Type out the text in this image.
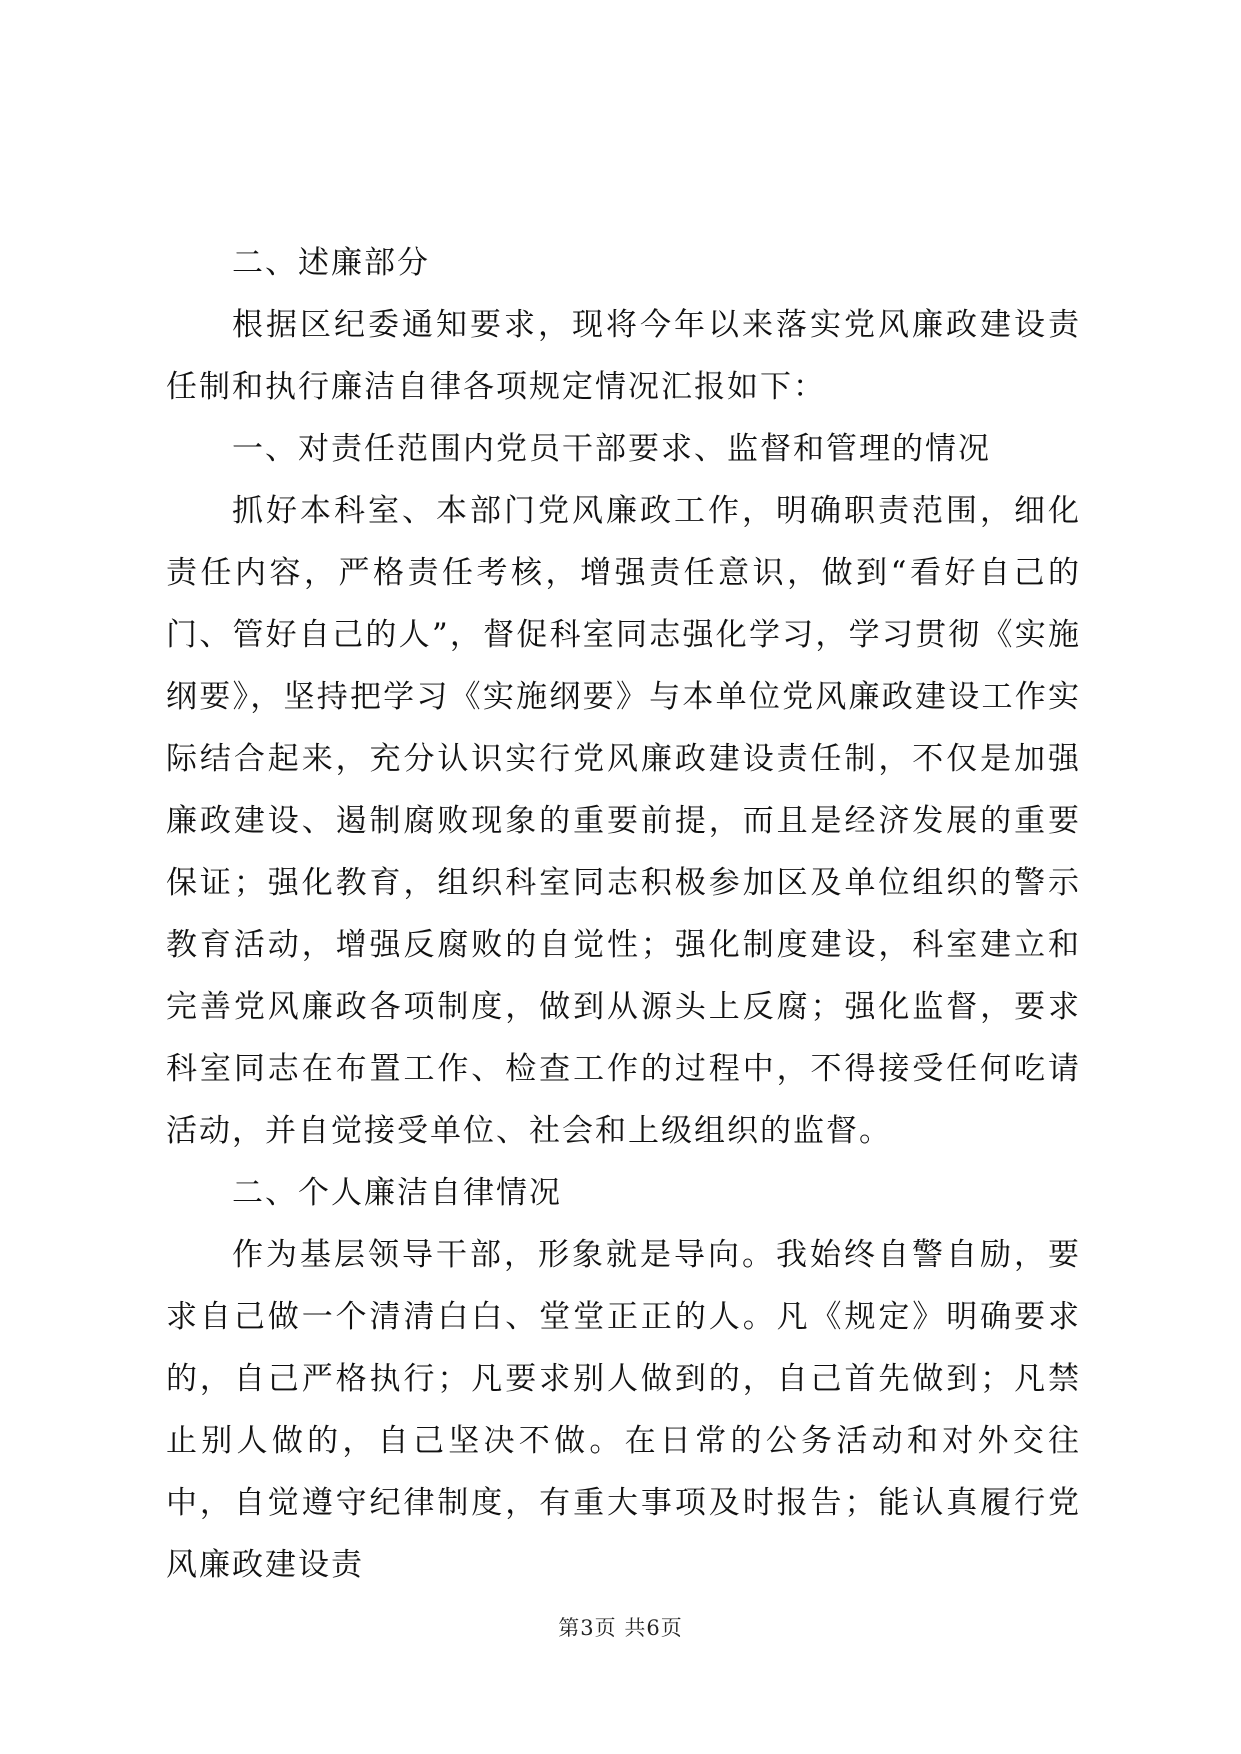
二、述廉部分

根据区纪委通知要求，现将今年以来落实党风廉政建设责任制和执行廉洁自律各项规定情况汇报如下：

一、对责任范围内党员干部要求、监督和管理的情况

抓好本科室、本部门党风廉政工作，明确职责范围，细化责任内容，严格责任考核，增强责任意识，做到“看好自己的门、管好自己的人”，督促科室同志强化学习，学习贯彻《实施纲要》，坚持把学习《实施纲要》与本单位党风廉政建设工作实际结合起来，充分认识实行党风廉政建设责任制，不仅是加强廉政建设、遏制腐败现象的重要前提，而且是经济发展的重要保证；强化教育，组织科室同志积极参加区及单位组织的警示教育活动，增强反腐败的自觉性；强化制度建设，科室建立和完善党风廉政各项制度，做到从源头上反腐；强化监督，要求科室同志在布置工作、检查工作的过程中，不得接受任何吃请活动，并自觉接受单位、社会和上级组织的监督。

二、个人廉洁自律情况

作为基层领导干部，形象就是导向。我始终自警自励，要求自己做一个清清白白、堂堂正正的人。凡《规定》明确要求的，自己严格执行；凡要求别人做到的，自己首先做到；凡禁止别人做的，自己坚决不做。在日常的公务活动和对外交往中，自觉遵守纪律制度，有重大事项及时报告；能认真履行党风廉政建设责

第3页 共6页
